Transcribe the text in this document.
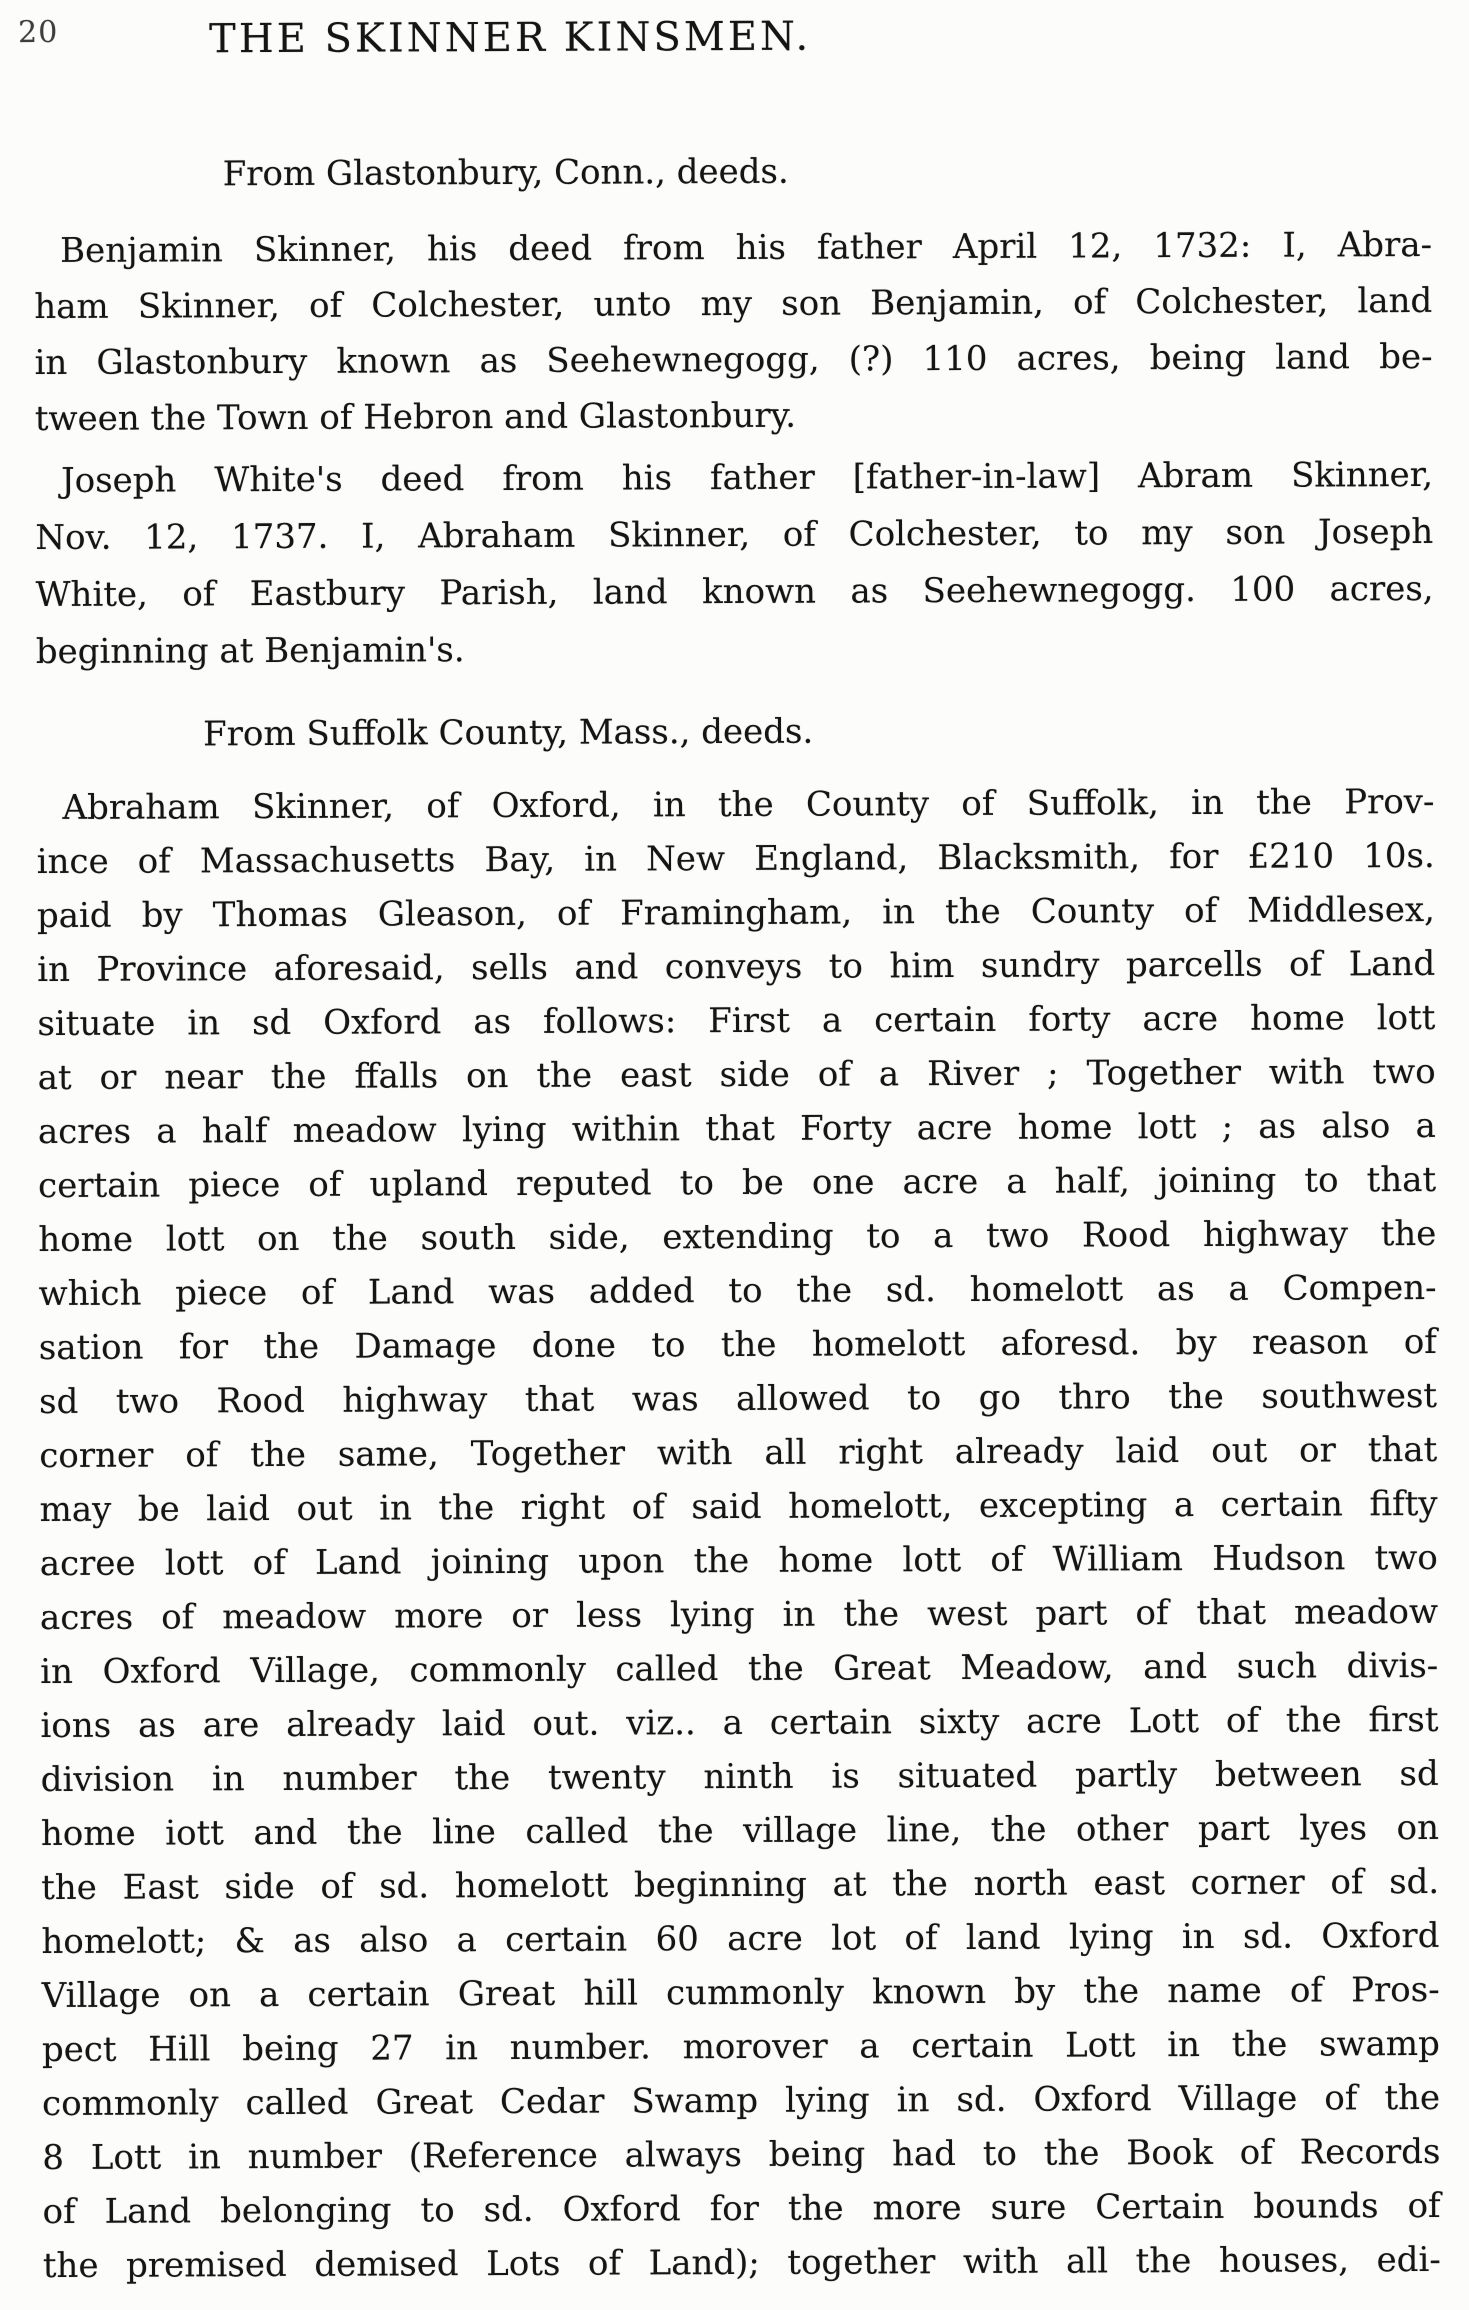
20	THE SKINNER KINSMEN.
From Glastonbury, Conn., deeds.
Benjamin Skinner, his deed from his father April 12, 1732: I, Abra-
ham Skinner, of Colchester, unto my son Benjamin, of Colchester, land
in Glastonbury known as Seehewnegogg, (?) 110 acres, being land be-
tween the Town of Hebron and Glastonbury.
Joseph White's deed from his father [father-in-law] Abram Skinner,
Nov. 12, 1737. I, Abraham Skinner, of Colchester, to my son Joseph
White, of Eastbury Parish, land known as Seehewnegogg. 100 acres,
beginning at Benjamin's.
From Suffolk County, Mass., deeds.
Abraham Skinner, of Oxford, in the County of Suffolk, in the Prov-
ince of Massachusetts Bay, in New England, Blacksmith, for £210 10s.
paid by Thomas Gleason, of Framingham, in the County of Middlesex,
in Province aforesaid, sells and conveys to him sundry parcells of Land
situate in sd Oxford as follows: First a certain forty acre home lott
at or near the ffalls on the east side of a River ; Together with two
acres a half meadow lying within that Forty acre home lott ; as also a
certain piece of upland reputed to be one acre a half, joining to that
home lott on the south side, extending to a two Rood highway the
which piece of Land was added to the sd. homelott as a Compen-
sation for the Damage done to the homelott aforesd. by reason of
sd two Rood highway that was allowed to go thro the southwest
corner of the same, Together with all right already laid out or that
may be laid out in the right of said homelott, excepting a certain fifty
acree lott of Land joining upon the home lott of William Hudson two
acres of meadow more or less lying in the west part of that meadow
in Oxford Village, commonly called the Great Meadow, and such divis-
ions as are already laid out. viz.. a certain sixty acre Lott of the first
division in number the twenty ninth is situated partly between sd
home iott and the line called the village line, the other part lyes on
the East side of sd. homelott beginning at the north east corner of sd.
homelott; & as also a certain 60 acre lot of land lying in sd. Oxford
Village on a certain Great hill cummonly known by the name of Pros-
pect Hill being 27 in number. morover a certain Lott in the swamp
commonly called Great Cedar Swamp lying in sd. Oxford Village of the
8 Lott in number (Reference always being had to the Book of Records
of Land belonging to sd. Oxford for the more sure Certain bounds of
the premised demised Lots of Land); together with all the houses, edi-
